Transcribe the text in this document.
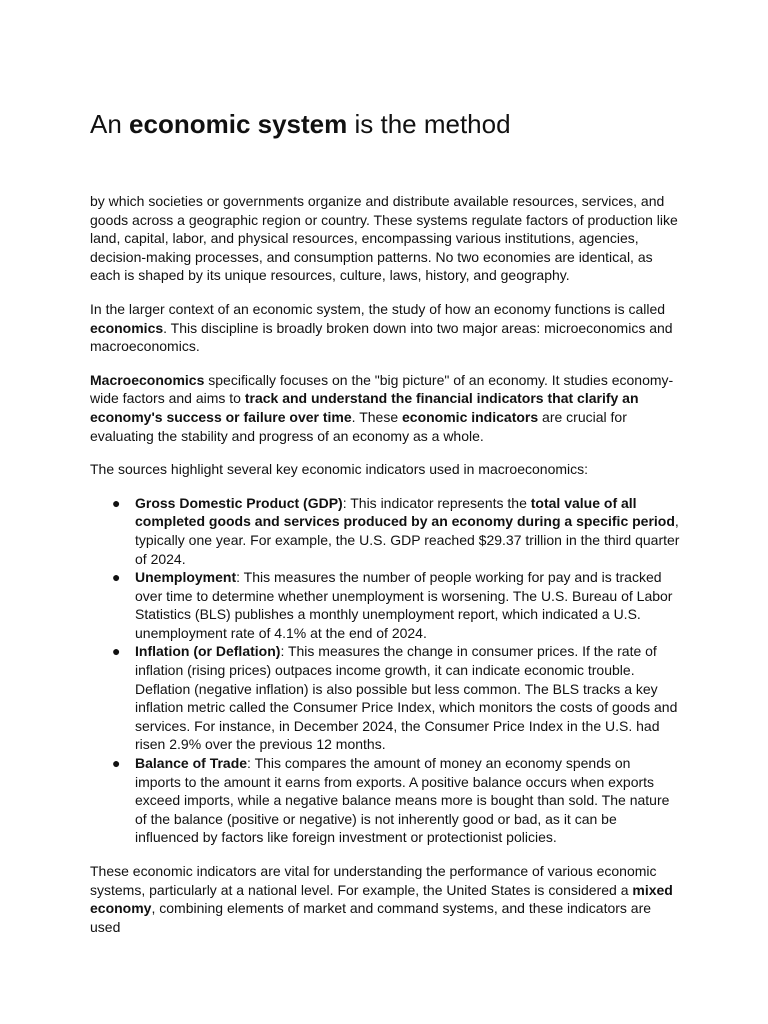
An economic system is the method

by which societies or governments organize and distribute available resources, services, and goods across a geographic region or country. These systems regulate factors of production like land, capital, labor, and physical resources, encompassing various institutions, agencies, decision-making processes, and consumption patterns. No two economies are identical, as each is shaped by its unique resources, culture, laws, history, and geography.

In the larger context of an economic system, the study of how an economy functions is called economics. This discipline is broadly broken down into two major areas: microeconomics and macroeconomics.

Macroeconomics specifically focuses on the "big picture" of an economy. It studies economy-wide factors and aims to track and understand the financial indicators that clarify an economy's success or failure over time. These economic indicators are crucial for evaluating the stability and progress of an economy as a whole.

The sources highlight several key economic indicators used in macroeconomics:

● Gross Domestic Product (GDP): This indicator represents the total value of all completed goods and services produced by an economy during a specific period, typically one year. For example, the U.S. GDP reached $29.37 trillion in the third quarter of 2024.
● Unemployment: This measures the number of people working for pay and is tracked over time to determine whether unemployment is worsening. The U.S. Bureau of Labor Statistics (BLS) publishes a monthly unemployment report, which indicated a U.S. unemployment rate of 4.1% at the end of 2024.
● Inflation (or Deflation): This measures the change in consumer prices. If the rate of inflation (rising prices) outpaces income growth, it can indicate economic trouble. Deflation (negative inflation) is also possible but less common. The BLS tracks a key inflation metric called the Consumer Price Index, which monitors the costs of goods and services. For instance, in December 2024, the Consumer Price Index in the U.S. had risen 2.9% over the previous 12 months.
● Balance of Trade: This compares the amount of money an economy spends on imports to the amount it earns from exports. A positive balance occurs when exports exceed imports, while a negative balance means more is bought than sold. The nature of the balance (positive or negative) is not inherently good or bad, as it can be influenced by factors like foreign investment or protectionist policies.

These economic indicators are vital for understanding the performance of various economic systems, particularly at a national level. For example, the United States is considered a mixed economy, combining elements of market and command systems, and these indicators are used
